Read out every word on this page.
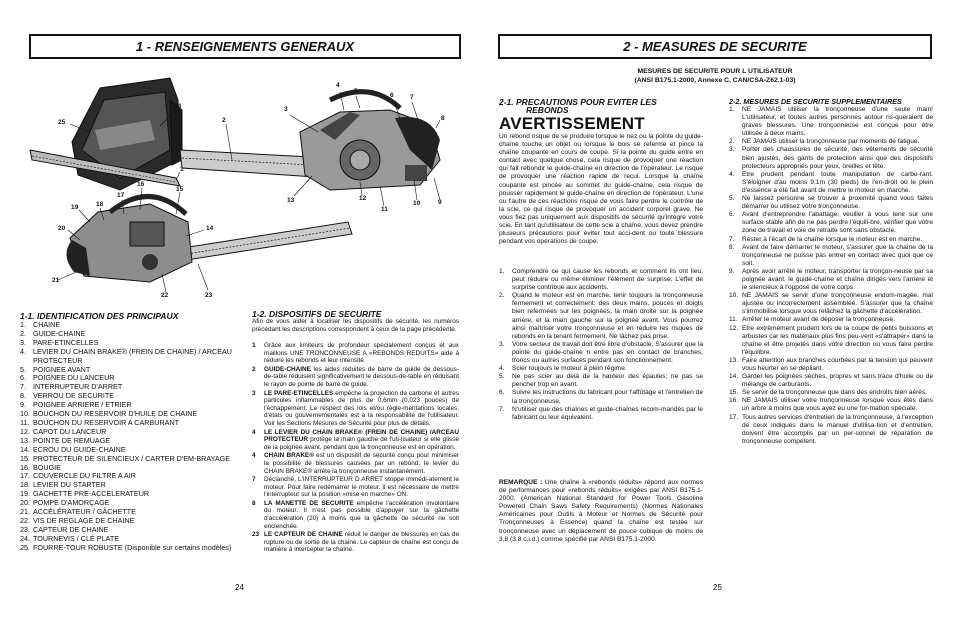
1 - RENSEIGNEMENTS GENERAUX
1
2
3
4
5
6	7
8
9
10
11
12
13
14
15
16
17
18
19
20
21
22	23
24
25
1-1. IDENTIFICATION DES PRINCIPAUX
1. CHAINE
2. GUIDE-CHAINE
3. PARE-ETINCELLES
4. LEVIER DU CHAIN BRAKE® (FREIN DE CHAINE) / ARCEAU PROTECTEUR
5. POIGNEE AVANT
6. POIGNEE DU LANCEUR
7. INTERRUPTEUR D'ARRET
8. VERROU DE SECURITE
9. POIGNEE ARRIERE / ETRIER
10. BOUCHON DU RESERVOIR D'HUILE DE CHAINE
11. BOUCHON DU RESERVOIR A CARBURANT
12. CAPOT DU LANCEUR
13. POINTE DE REMUAGE
14. ECROU DU GUIDE-CHAINE
15. PROTECTEUR DE SILENCIEUX / CARTER D'EM-BRAYAGE
16. BOUGIE
17. COUVERCLE DU FILTRE A AIR
18. LEVIER DU STARTER
19. GACHETTE PRE-ACCELERATEUR
20. POMPE D'AMORÇAGE
21. ACCÉLÉRATEUR / GÂCHETTE
22. VIS DE REGLAGE DE CHAINE
23. CAPTEUR DE CHAINE
24. TOURNEVIS / CLÉ PLATE
25. FOURRE-TOUR ROBUSTE (Disponible sur certains modèles)
1-2. DISPOSITIFS DE SECURITE
Afin de vous aider à localiser les dispositifs de sécurité, les numéros précédant les descriptions correspondent à ceux de la page précédente.
1	Grâce aux limiteurs de profondeur spécialement conçus et aux maillons UNE TRONCONNEUSE A «REBONDS REDUITS» aide à réduire les rebonds et leur intensité.
2	GUIDE-CHAINE les aides réduites de barre de guide de dessous-de-table réduisent significativement le dessous-de-table en réduisant le rayon de pointe de barre de guide.
3	LE PARE-ETINCELLES empêche la projection de carbone et autres particules inflammables de plus de 0,6mm (0,023 pouces) de l'échappement. Le respect des lois et/ou règle-mentations locales, d'états ou gouvernementales est à la responsabilité de l'utilisateur. Voir les Sections Mesures de Sécurité pour plus de détails.
4	LE LEVIER DU CHAIN BRAKE® (FREIN DE CHAINE) /ARCEAU PROTECTEUR protège la main gauche de l'uti-lisateur si elle glisse de la poignée avant, pendant que la tronçonneuse est en opération.
4	CHAIN BRAKE® est un dispositif de sécurité conçu pour minimiser la possibilité de blessures causées par un rebond; le levier du CHAIN BRAKE® arrête la tronçonneuse instantanément.
7	Déclanché, L'INTERRUPTEUR D ARRET stoppe immédi-atement le moteur. Pour faire redémarrer le moteur, il est nécessaire de mettre l'interrupteur sur la position «mise en marche» ON.
8	LA MANETTE DE SECURITE empêche l'accélération involontaire du moteur. Il n'est pas possible d'appuyer sur la gâchette d'accélération (20) à moins que la gâchette de sécurité ne soit enclenchée.
23 LE CAPTEUR DE CHAINE réduit le danger de blessures en cas de rupture ou de sortie de la chaine. Le capteur de chaîne est conçu de manière à intercepter la chaîne.
24
2 - MEASURES DE SECURITE
MESURES DE SECURITE POUR L UTILISATEUR
(ANSI B175.1-2000, Annexe C, CAN/CSA-Z62.1-03)
2-1. PRECAUTIONS POUR EVITER LES
REBONDS
AVERTISSEMENT
Un rebond risque de se produire lorsque le nez ou la pointe du guide-chaîne touche un objet ou lorsque le bois se referme et pince la chaîne coupante en cours de coupe. Si la pointe du guide entre en contact avec quelque chose, cela risque de provoquer une réaction qui fait rebondir le guide-chaîne en direction de l'opérateur. Le risque de provoquer une réaction rapide de recul. Lorsque la chaîne coupante est pincée au sommet du guide-chaîne, cela risque de pousser rapidement le guide-chaîne en direction de l'opérateur. L'une ou l'autre de ces réactions risque de vous faire perdre le contrôle de la scie, ce qui risque de provoquer un accident corporel grave. Ne vous fiez pas uniquement aux dispositifs de sécurité qu'intègre votre scie. En tant qu'utilisateur de cette scie à chaîne, vous devez prendre plusieurs précautions pour éviter tout acci-dent ou toute blessure pendant vos opérations de coupe.
1.	Comprendre ce qui cause les rebonds et comment ils ont lieu, peut réduire ou même éliminer l'élément de surprise. L'effet de surprise contribue aux accidents.
2.	Quand le moteur est en marche, tenir toujours la tronçonneuse fermement et correctement: des deux mains, pouces et doigts bien refermées sur les poignées, la main droite sur la poignée arrière, et la main gauche sur la poignée avant. Vous pourrez ainsi maîtriser votre tronçonneuse et en réduire les risques de rebonds en la tenant fermement. Ne lâchez pas prise.
3.	Votre secteur de travail doit être libre d'obstacle. S'assurer que la pointe du guide-chaîne n entre pas en contact de branches, troncs ou autres surfaces pendant son fonctionnement.
4.	Scier toujours le moteur à plein régime.
5.	Ne pas scier au delà de la hauteur des épaules; ne pas se pencher trop en avant.
6.	Suivre les instructions du fabricant pour l'affûtage et l'entretien de la tronçonneuse.
7.	N'utiliser que des chaînes et guide-chaînes recom-mandés par le fabricant ou leur équivalent.
REMARQUE : Une chaîne à «rebonds réduits» répond aux normes de performances pour «rebonds réduits» exigées par ANSI B175.1-2000. (American National Standard for Power Tools Gasoline Powered Chain Saws Safety Requirements) (Normes Nationales Américaines pour Outils à Moteur et Normes de Sécurité pour Tronçonneuses à Essence) quand la chaîne est testée sur tronçonneuse avec un déplacement de pouce cubique de moins de 3,8 (3.8 c.i.d.) comme spécifié par ANSI B175.1-2000.
2-2. MESURES DE SECURITE SUPPLEMENTAIRES
1.	NE JAMAIS utiliser la tronçonneuse d'une seule main! L'utilisateur, et toutes autres personnes autour ris-queraient de graves blessures. Une tronçonneuse est conçue pour être utilisée à deux mains.
2.	NE JAMAIS utiliser la tronçonneuse par moments de fatigue.
3.	Porter des chaussures de sécurité, des vêtements de sécurité bien ajustés, des gants de protection ainsi que des dispositifs protecteurs appropriés pour yeux, oreilles et tête.
4.	Etre prudent pendant toute manipulation de carbu-rant. S'éloigner d'au moins 9.1m (30 pieds) de l'en-droit où le plein d'essence a été fait avant de mettre le moteur en marche.
5.	Ne laissez personne se trouver à proximité quand vous faites démarrer ou utilisez votre tronçonneuse.
6.	Avant d'entreprendre l'abattage, veuiller à vous tenir sur une surface stable afin de ne pas perdre l'équili-bre, vérifier que votre zone de travail et voie de retraite sont sans obstacle.
7.	Rester à l'écart de la chaîne lorsque le moteur est en marche.
8.	Avant de faire démarrer le moteur, s'assurer que la chaîne de la tronçonneuse ne puisse pas entrer en contact avec quoi que ce soit.
9.	Après avoir arrêté le moteur, transporter la tronçon-neuse par sa poignée avant, le guide-chaîne et chaîne dirigés vers l'arrière et le silencieux à l'opposé de votre corps.
10. NE JAMAIS se servir d'une tronçonneuse endom-magée, mal ajustée ou incorrectement assemblée. S'assurer que la chaîne s'immobilise lorsque vous relâchez la gâchette d'accélération.
11. Arrêter le moteur avant de déposer la tronçonneuse.
12. Etre extrêmement prudent lors de la coupe de petits buissons et arbustes car les matériaux plus fins peu-vent «s'attraper» dans la chaîne et être projetés dans votre direction ou vous faire perdre l'équilibre.
13. Faire attention aux branches courbées par la tension qui peuvent vous heurter en se dépliant.
14. Garder les poignées sèches, propres et sans trace d'huile ou de mélange de carburants.
15. Se servir de la tronçonneuse que dans des endroits bien aérés.
16. NE JAMAIS utiliser votre tronçonneuse lorsque vous êtes dans un arbre à moins que vous ayez eu une for-mation spéciale.
17. Tous autres services d'entretien de la tronçonneuse, à l'exception de ceux indiqués dans le manuel d'utilisa-tion et d'entretien, doivent être accomplis par un per-sonnel de réparation de tronçonneuse compétent.
25
